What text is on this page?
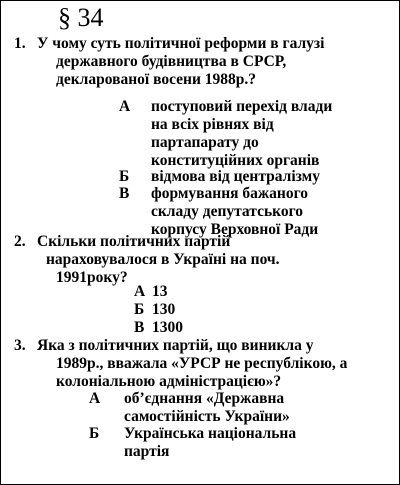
§ 34
1. У чому суть політичної реформи в галузі
державного будівництва в СРСР,
декларованої восени 1988р.?
А поступовий перехід влади
на всіх рівнях від
партапарату до
конституційних органів
Б відмова від централізму
В формування бажаного
складу депутатського
корпусу Верховної Ради
2. Скільки політичних партій
нараховувалося в Україні на поч.
1991року?
А 13
Б 130
В 1300
3. Яка з політичних партій, що виникла у
1989р., вважала «УРСР не республікою, а
колоніальною адміністрацією»?
А об’єднання «Державна
самостійність України»
Б Українська національна
партія
